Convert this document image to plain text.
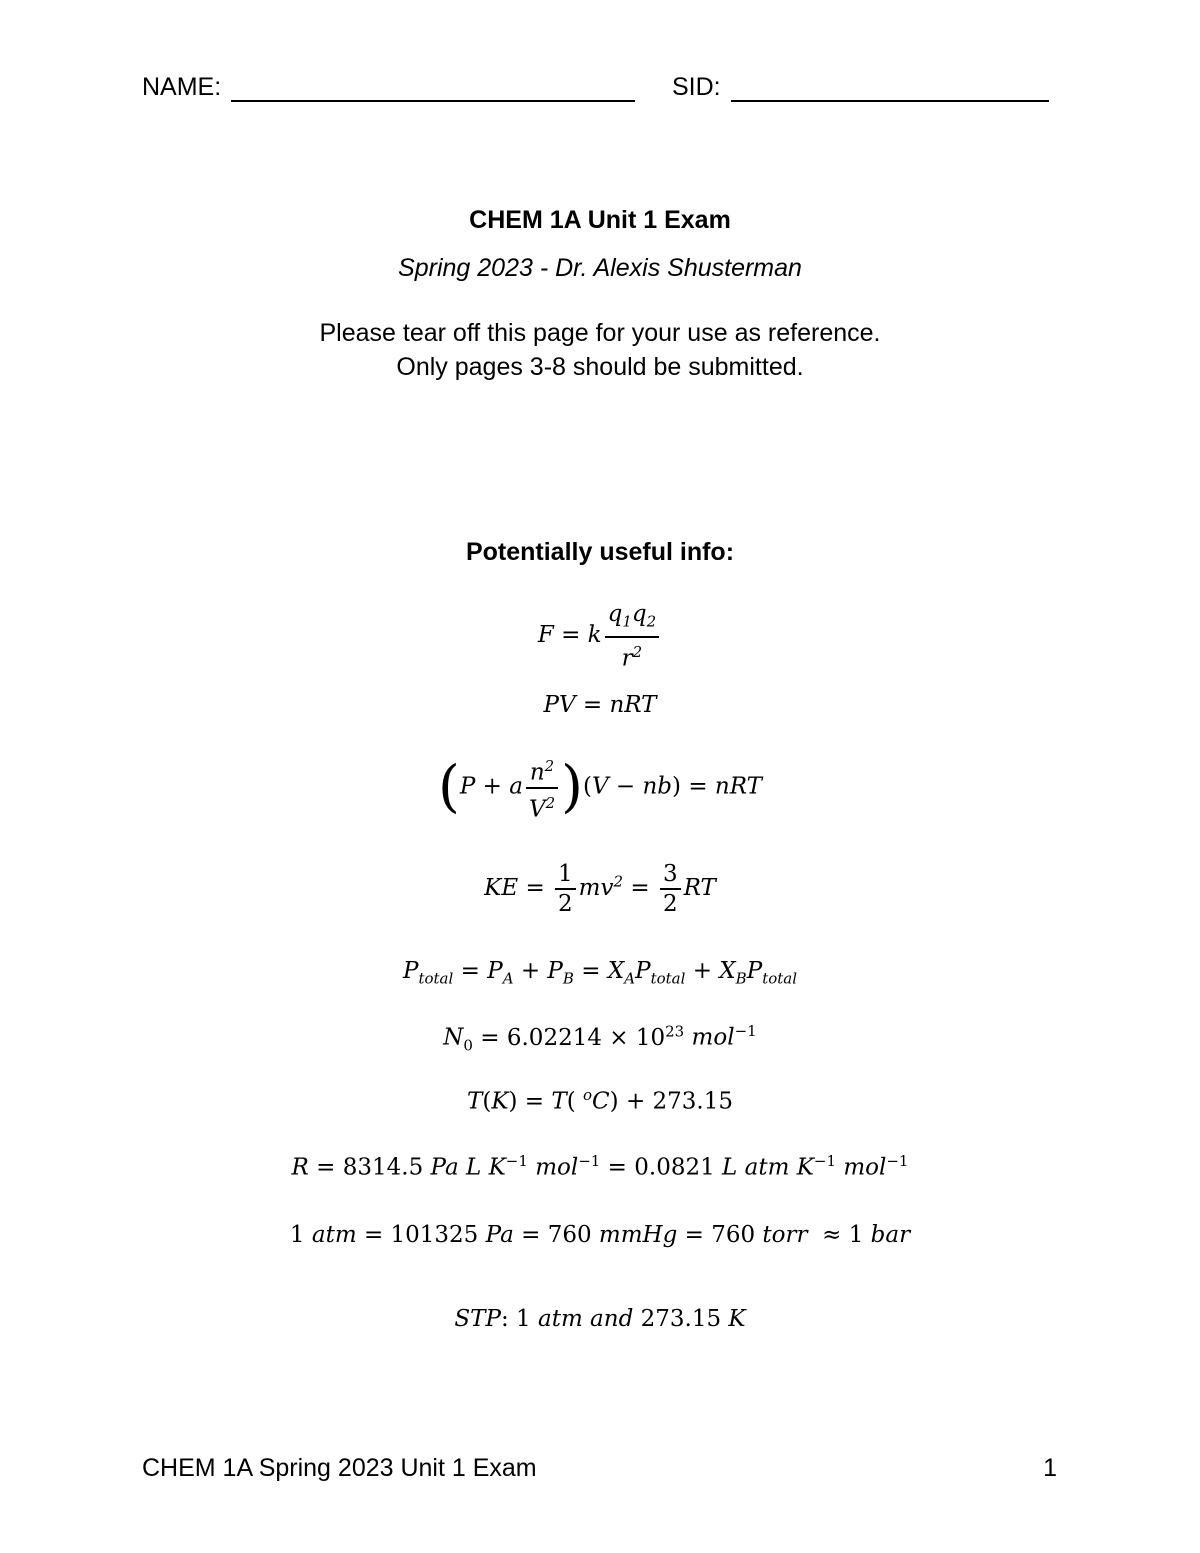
NAME:	SID:
CHEM 1A Unit 1 Exam
Spring 2023 - Dr. Alexis Shusterman
Please tear off this page for your use as reference.
Only pages 3-8 should be submitted.
Potentially useful info:
F = k $\frac{q_1q_2}{r^2}$
PV = nRT
(P + a $\frac{n^2}{V^2} )(V - nb)$ = nRT
KE = $\frac{1}{2} mv^2 = \frac{3}{2}$ RT
$P_{total} = P_A + P_B = X_AP_{total} + X_BP_{total}$
$N_0 = 6.02214 \times 10^{23}$ mol$^{-1}$
T(K) = T( $^o$C) + 273.15
R = 8314.5 Pa L $K^{-1}$ mol$^{-1}$ = 0.0821 L atm $K^{-1}$ mol$^{-1}$
1 atm = 101325 Pa = 760 mmHg = 760 torr  ≈ 1 bar
STP: 1 atm and 273.15 K
CHEM 1A Spring 2023 Unit 1 Exam	1
